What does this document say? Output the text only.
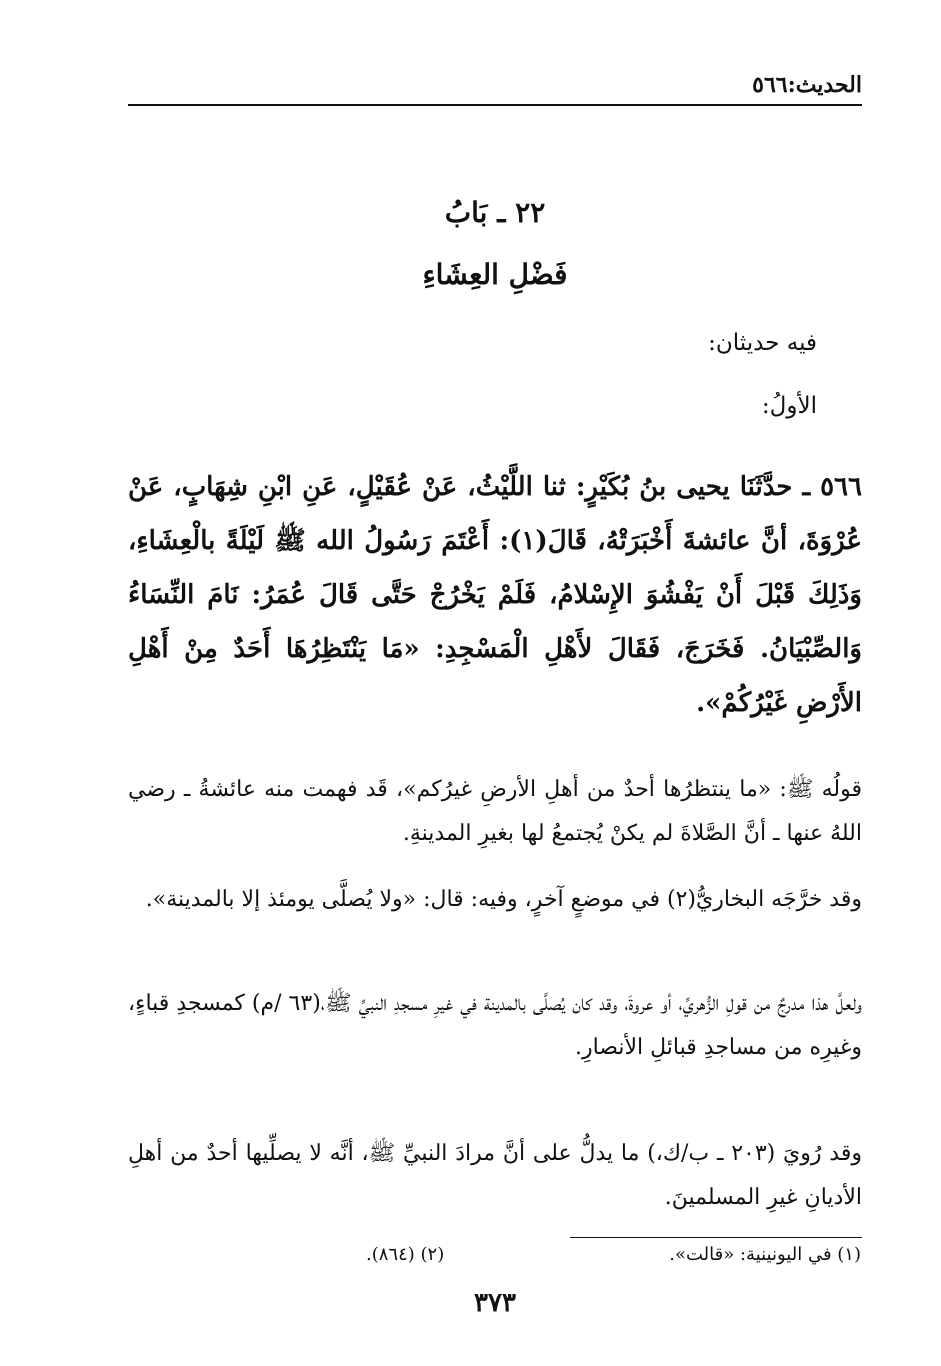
الحديث:٥٦٦
٢٢ ـ بَابُ
فَضْلِ العِشَاءِ
فيه حديثان:
الأولُ:
٥٦٦ ـ حدَّثَنَا يحيى بنُ بُكَيْرٍ: ثنا اللَّيْثُ، عَنْ عُقَيْلٍ، عَنِ ابْنِ شِهَابٍ، عَنْ عُرْوَةَ، أنَّ عائشةَ أَخْبَرَتْهُ، قَالَ(١): أَعْتَمَ رَسُولُ الله ﷺ لَيْلَةً بالْعِشَاءِ، وَذَلِكَ قَبْلَ أَنْ يَفْشُوَ الإِسْلامُ، فَلَمْ يَخْرُجْ حَتَّى قَالَ عُمَرُ: نَامَ النِّسَاءُ وَالصِّبْيَانُ. فَخَرَجَ، فَقَالَ لأَهْلِ الْمَسْجِدِ: «مَا يَنْتَظِرُهَا أَحَدٌ مِنْ أَهْلِ الأَرْضِ غَيْرُكُمْ».
قولُه ﷺ: «ما ينتظرُها أحدٌ من أهلِ الأرضِ غيرُكم»، قَد فهمت منه عائشةُ ـ رضي اللهُ عنها ـ أنَّ الصَّلاةَ لم يكنْ يُجتمعُ لها بغيرِ المدينةِ.
وقد خرَّجَه البخاريُّ(٢) في موضعٍ آخرٍ، وفيه: قال: «ولا يُصلَّى يومئذ إلا بالمدينة».
ولعلَّ هذا مدرجٌ من قولِ الزُّهريِّ، أو عروةَ، وقد كان يُصلَّى بالمدينة في غيرِ مسجدِ النبيِّ ﷺ،(٦٣ /م) كمسجدِ قباءٍ، وغيرِه من مساجدِ قبائلِ الأنصارِ.
وقد رُويَ (٢٠٣ ـ ب/ك،) ما يدلُّ على أنَّ مرادَ النبيِّ ﷺ، أنَّه لا يصلِّيها أحدٌ من أهلِ الأديانِ غيرِ المسلمينَ.
(١) في اليونينية: «قالت».
(٢) (٨٦٤).
٣٧٣
